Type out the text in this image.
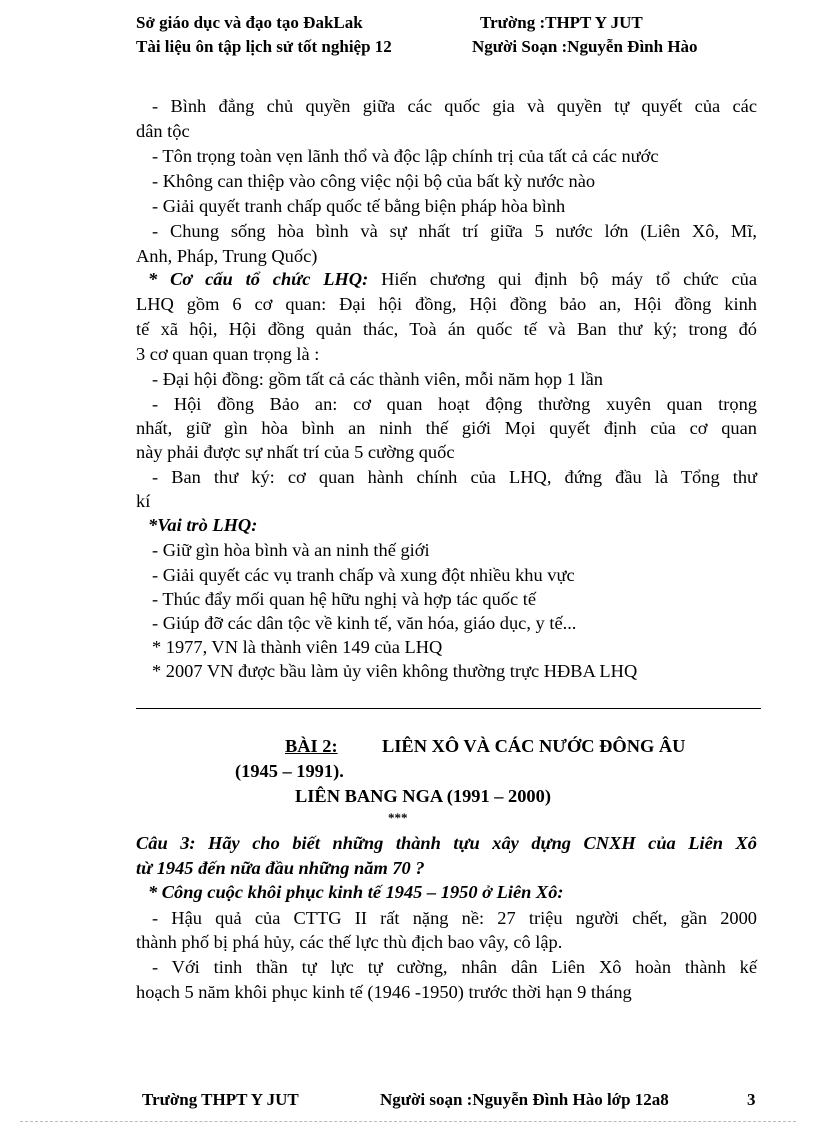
Sở giáo dục và đạo tạo ĐakLak	Trường :THPT Y JUT
Tài liệu ôn tập lịch sử tốt nghiệp 12	Người Soạn :Nguyễn Đình Hào
- Bình đẳng chủ quyền giữa các quốc gia và quyền tự quyết của các
dân tộc
- Tôn trọng toàn vẹn lãnh thổ và độc lập chính trị của tất cả các nước
- Không can thiệp vào công việc nội bộ của bất kỳ nước nào
- Giải quyết tranh chấp quốc tế bằng biện pháp hòa bình
- Chung sống hòa bình và sự nhất trí giữa 5 nước lớn (Liên Xô, Mĩ,
Anh, Pháp, Trung Quốc)
* Cơ cấu tổ chức LHQ: Hiến chương qui định bộ máy tổ chức của
LHQ gồm 6 cơ quan: Đại hội đồng, Hội đồng bảo an, Hội đồng kinh
tế xã hội, Hội đồng quản thác, Toà án quốc tế và Ban thư ký; trong đó
3 cơ quan quan trọng là :
- Đại hội đồng: gồm tất cả các thành viên, mỗi năm họp 1 lần
- Hội đồng Bảo an: cơ quan hoạt động thường xuyên quan trọng
nhất, giữ gìn hòa bình an ninh thế giới Mọi quyết định của cơ quan
này phải được sự nhất trí của 5 cường quốc
- Ban thư ký: cơ quan hành chính của LHQ, đứng đầu là Tổng thư
kí
*Vai trò LHQ:
- Giữ gìn hòa bình và an ninh thế giới
- Giải quyết các vụ tranh chấp và xung đột nhiều khu vực
- Thúc đẩy mối quan hệ hữu nghị và hợp tác quốc tế
- Giúp đỡ các dân tộc về kinh tế, văn hóa, giáo dục, y tế...
* 1977, VN là thành viên 149 của LHQ
* 2007 VN được bầu làm ủy viên không thường trực HĐBA LHQ
BÀI 2: LIÊN XÔ VÀ CÁC NƯỚC ĐÔNG ÂU
(1945 – 1991).
LIÊN BANG NGA (1991 – 2000)
***
Câu 3: Hãy cho biết những thành tựu xây dựng CNXH của Liên Xô
từ 1945 đến nữa đầu những năm 70 ?
* Công cuộc khôi phục kinh tế 1945 – 1950 ở Liên Xô:
- Hậu quả của CTTG II rất nặng nề: 27 triệu người chết, gần 2000
thành phố bị phá hủy, các thế lực thù địch bao vây, cô lập.
- Với tinh thần tự lực tự cường, nhân dân Liên Xô hoàn thành kế
hoạch 5 năm khôi phục kinh tế (1946 -1950) trước thời hạn 9 tháng
Trường THPT Y JUT	Người soạn :Nguyễn Đình Hào lớp 12a8	3
